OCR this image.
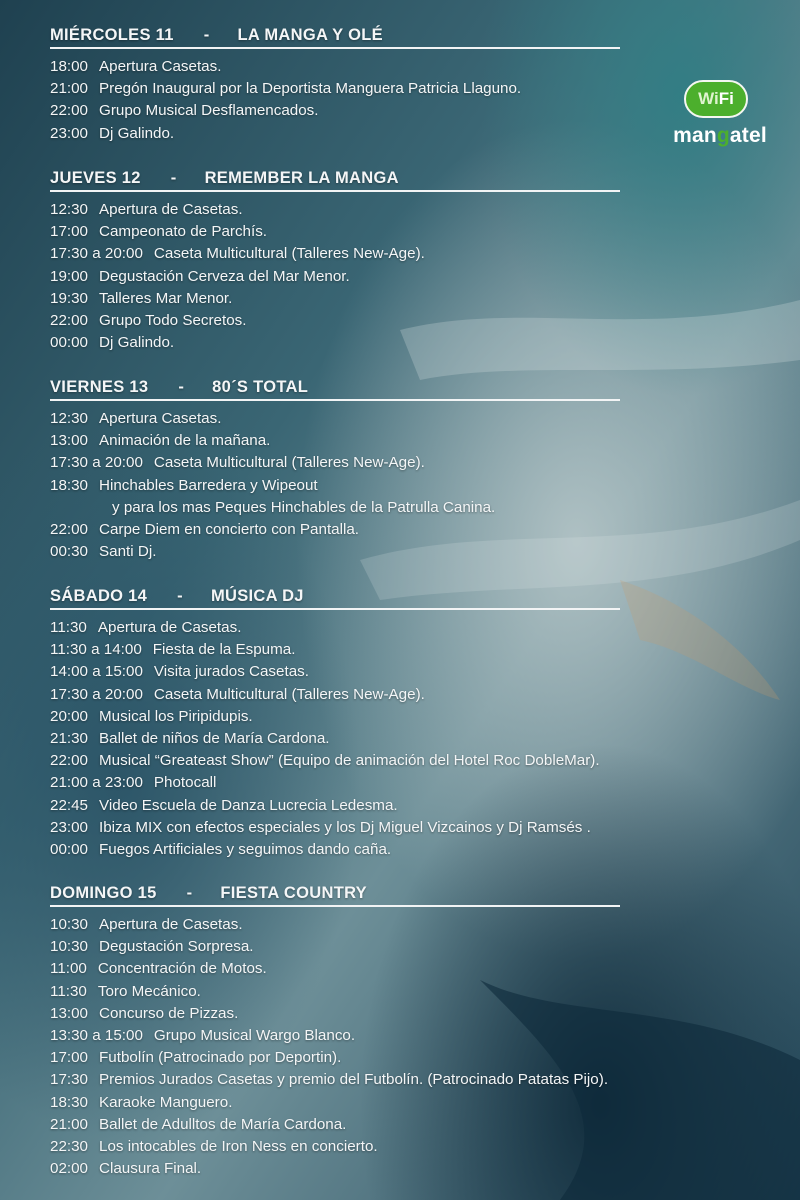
Wi Fi
mangatel
MIÉRCOLES 11 - LA MANGA Y OLÉ
18:00 Apertura Casetas.
21:00 Pregón Inaugural por la Deportista Manguera Patricia Llaguno.
22:00 Grupo Musical Desflamencados.
23:00 Dj Galindo.
JUEVES 12 - REMEMBER LA MANGA
12:30 Apertura de Casetas.
17:00 Campeonato de Parchís.
17:30 a 20:00 Caseta Multicultural (Talleres New-Age).
19:00 Degustación Cerveza del Mar Menor.
19:30 Talleres Mar Menor.
22:00 Grupo Todo Secretos.
00:00 Dj Galindo.
VIERNES 13 - 80´S TOTAL
12:30 Apertura Casetas.
13:00 Animación de la mañana.
17:30 a 20:00 Caseta Multicultural (Talleres New-Age).
18:30 Hinchables Barredera y Wipeout
y para los mas Peques Hinchables de la Patrulla Canina.
22:00 Carpe Diem en concierto con Pantalla.
00:30 Santi Dj.
SÁBADO 14 - MÚSICA DJ
11:30 Apertura de Casetas.
11:30 a 14:00 Fiesta de la Espuma.
14:00 a 15:00 Visita jurados Casetas.
17:30 a 20:00 Caseta Multicultural (Talleres New-Age).
20:00 Musical los Piripidupis.
21:30 Ballet de niños de María Cardona.
22:00 Musical “Greateast Show” (Equipo de animación del Hotel Roc DobleMar).
21:00 a 23:00 Photocall
22:45 Video Escuela de Danza Lucrecia Ledesma.
23:00 Ibiza MIX con efectos especiales y los Dj Miguel Vizcainos y Dj Ramsés .
00:00 Fuegos Artificiales y seguimos dando caña.
DOMINGO 15 - FIESTA COUNTRY
10:30 Apertura de Casetas.
10:30 Degustación Sorpresa.
11:00 Concentración de Motos.
11:30 Toro Mecánico.
13:00 Concurso de Pizzas.
13:30 a 15:00 Grupo Musical Wargo Blanco.
17:00 Futbolín (Patrocinado por Deportin).
17:30 Premios Jurados Casetas y premio del Futbolín. (Patrocinado Patatas Pijo).
18:30 Karaoke Manguero.
21:00 Ballet de Adulltos de María Cardona.
22:30 Los intocables de Iron Ness en concierto.
02:00 Clausura Final.
